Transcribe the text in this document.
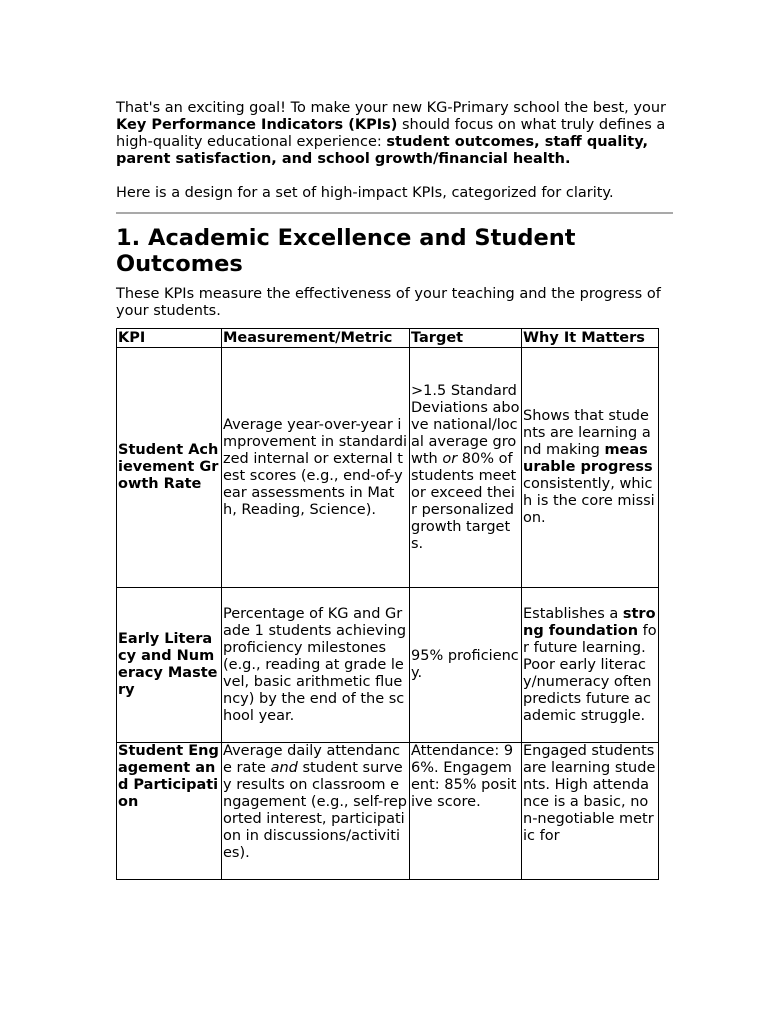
That's an exciting goal! To make your new KG-Primary school the best, your Key Performance Indicators (KPIs) should focus on what truly defines a high-quality educational experience: student outcomes, staff quality, parent satisfaction, and school growth/financial health.

Here is a design for a set of high-impact KPIs, categorized for clarity.

1. Academic Excellence and Student Outcomes

These KPIs measure the effectiveness of your teaching and the progress of your students.

KPI	Measurement/Metric	Target	Why It Matters
Student Achievement Growth Rate	Average year-over-year improvement in standardized internal or external test scores (e.g., end-of-year assessments in Math, Reading, Science).	>1.5 Standard Deviations above national/local average growth or 80% of students meet or exceed their personalized growth targets.	Shows that students are learning and making measurable progress consistently, which is the core mission.
Early Literacy and Numeracy Mastery	Percentage of KG and Grade 1 students achieving proficiency milestones (e.g., reading at grade level, basic arithmetic fluency) by the end of the school year.	95% proficiency.	Establishes a strong foundation for future learning. Poor early literacy/numeracy often predicts future academic struggle.
Student Engagement and Participation	Average daily attendance rate and student survey results on classroom engagement (e.g., self-reported interest, participation in discussions/activities).	Attendance: 96%. Engagement: 85% positive score.	Engaged students are learning students. High attendance is a basic, non-negotiable metric for
